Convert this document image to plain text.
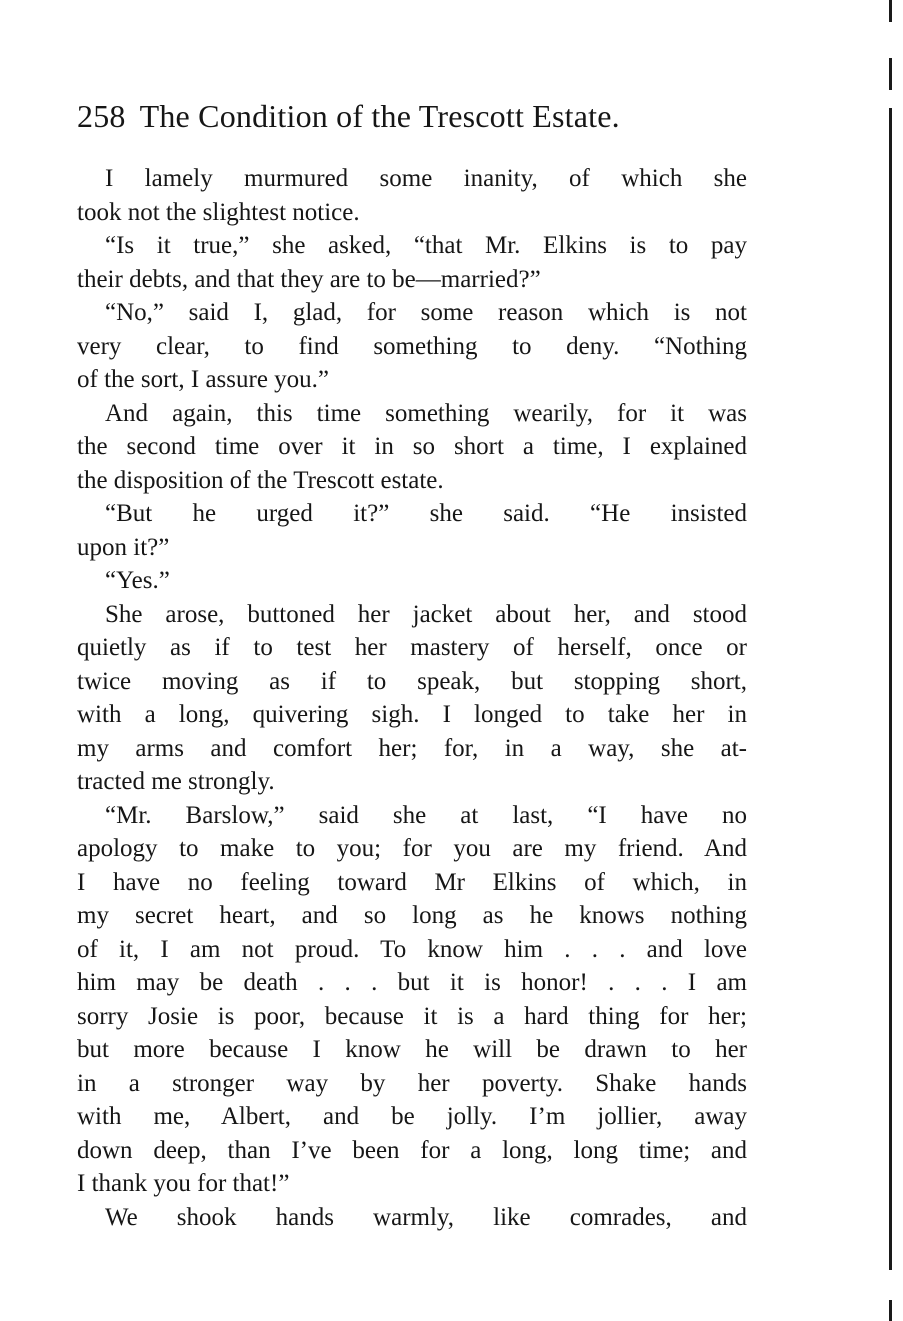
258 The Condition of the Trescott Estate.
I lamely murmured some inanity, of which she
took not the slightest notice.
“Is it true,” she asked, “that Mr. Elkins is to pay
their debts, and that they are to be—married?”
“No,” said I, glad, for some reason which is not
very clear, to find something to deny. “Nothing
of the sort, I assure you.”
And again, this time something wearily, for it was
the second time over it in so short a time, I explained
the disposition of the Trescott estate.
“But he urged it?” she said. “He insisted
upon it?”
“Yes.”
She arose, buttoned her jacket about her, and stood
quietly as if to test her mastery of herself, once or
twice moving as if to speak, but stopping short,
with a long, quivering sigh. I longed to take her in
my arms and comfort her; for, in a way, she at-
tracted me strongly.
“Mr. Barslow,” said she at last, “I have no
apology to make to you; for you are my friend. And
I have no feeling toward Mr Elkins of which, in
my secret heart, and so long as he knows nothing
of it, I am not proud. To know him . . . and love
him may be death . . . but it is honor! . . . I am
sorry Josie is poor, because it is a hard thing for her;
but more because I know he will be drawn to her
in a stronger way by her poverty. Shake hands
with me, Albert, and be jolly. I’m jollier, away
down deep, than I’ve been for a long, long time; and
I thank you for that!”
We shook hands warmly, like comrades, and
